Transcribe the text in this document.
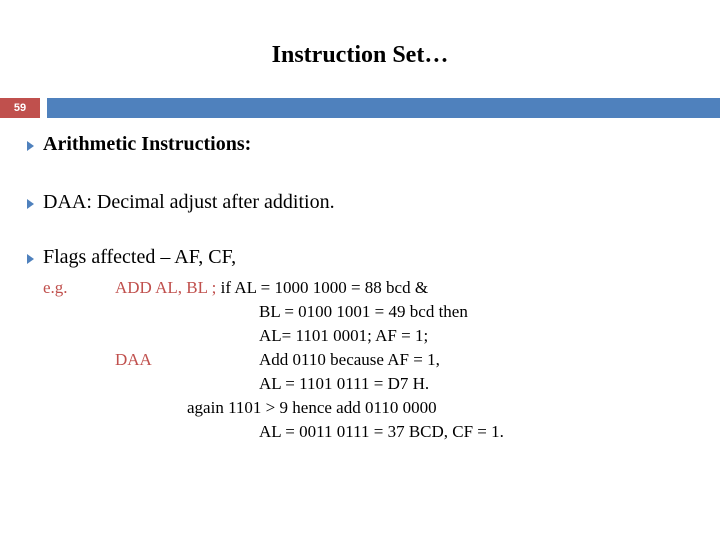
Instruction Set…
59
Arithmetic Instructions:
DAA: Decimal adjust after addition.
Flags affected – AF, CF,
e.g.	ADD AL, BL ; if AL = 1000 1000 = 88 bcd &
BL = 0100 1001 = 49 bcd then
AL= 1101 0001; AF = 1;
DAA	Add 0110 because AF = 1,
AL = 1101 0111 = D7 H.
again 1101 > 9 hence add 0110 0000
AL = 0011 0111 = 37 BCD, CF = 1.
